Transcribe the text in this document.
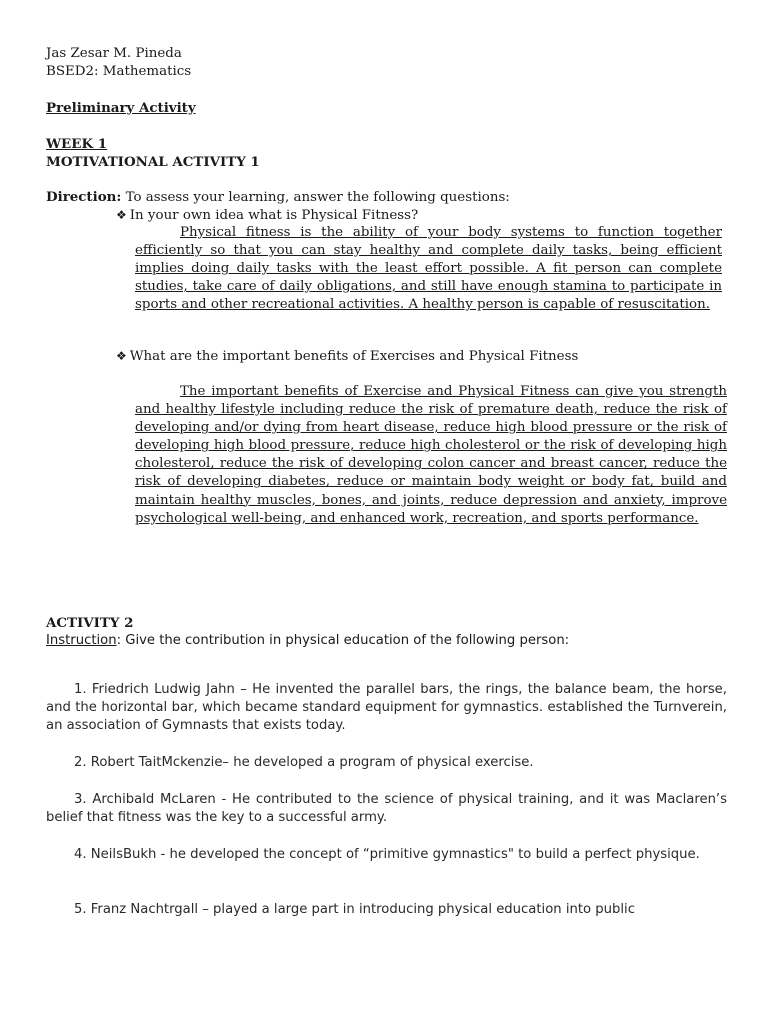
Jas Zesar M. Pineda
BSED2: Mathematics
Preliminary Activity
WEEK 1
MOTIVATIONAL ACTIVITY 1
Direction: To assess your learning, answer the following questions:
❖ In your own idea what is Physical Fitness?

Physical fitness is the ability of your body systems to function together efficiently so that you can stay healthy and complete daily tasks, being efficient implies doing daily tasks with the least effort possible. A fit person can complete studies, take care of daily obligations, and still have enough stamina to participate in sports and other recreational activities. A healthy person is capable of resuscitation.

❖ What are the important benefits of Exercises and Physical Fitness

The important benefits of Exercise and Physical Fitness can give you strength and healthy lifestyle including reduce the risk of premature death, reduce the risk of developing and/or dying from heart disease, reduce high blood pressure or the risk of developing high blood pressure, reduce high cholesterol or the risk of developing high cholesterol, reduce the risk of developing colon cancer and breast cancer, reduce the risk of developing diabetes, reduce or maintain body weight or body fat, build and maintain healthy muscles, bones, and joints, reduce depression and anxiety, improve psychological well-being, and enhanced work, recreation, and sports performance.

ACTIVITY 2
Instruction: Give the contribution in physical education of the following person:

1. Friedrich Ludwig Jahn – He invented the parallel bars, the rings, the balance beam, the horse, and the horizontal bar, which became standard equipment for gymnastics. established the Turnverein, an association of Gymnasts that exists today.

2. Robert TaitMckenzie– he developed a program of physical exercise.

3. Archibald McLaren - He contributed to the science of physical training, and it was Maclaren’s belief that fitness was the key to a successful army.

4. NeilsBukh - he developed the concept of “primitive gymnastics" to build a perfect physique.

5. Franz Nachtrgall – played a large part in introducing physical education into public
